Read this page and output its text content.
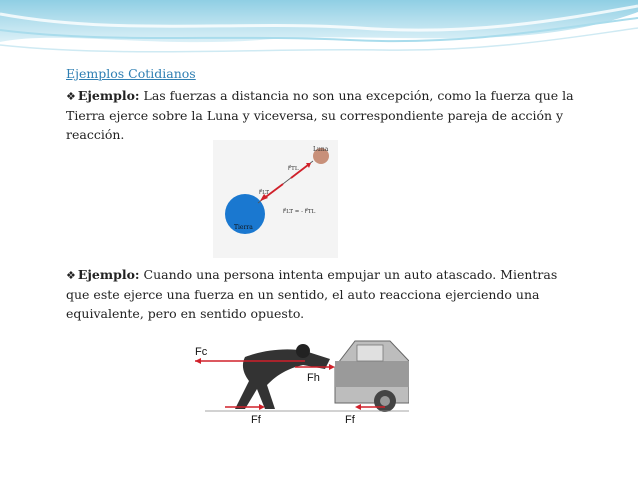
Ejemplos Cotidianos
❖ Ejemplo: Las fuerzas a distancia no son una excepción, como la fuerza que la Tierra ejerce sobre la Luna y viceversa, su correspondiente pareja de acción y reacción.
Luna
Tierra
F⃗TL
F⃗LT
F⃗LT = - F⃗TL
❖ Ejemplo: Cuando una persona intenta empujar un auto atascado. Mientras que este ejerce una fuerza en un sentido, el auto reacciona ejerciendo una equivalente, pero en sentido opuesto.
Fc
Fh
Ff	Ff
